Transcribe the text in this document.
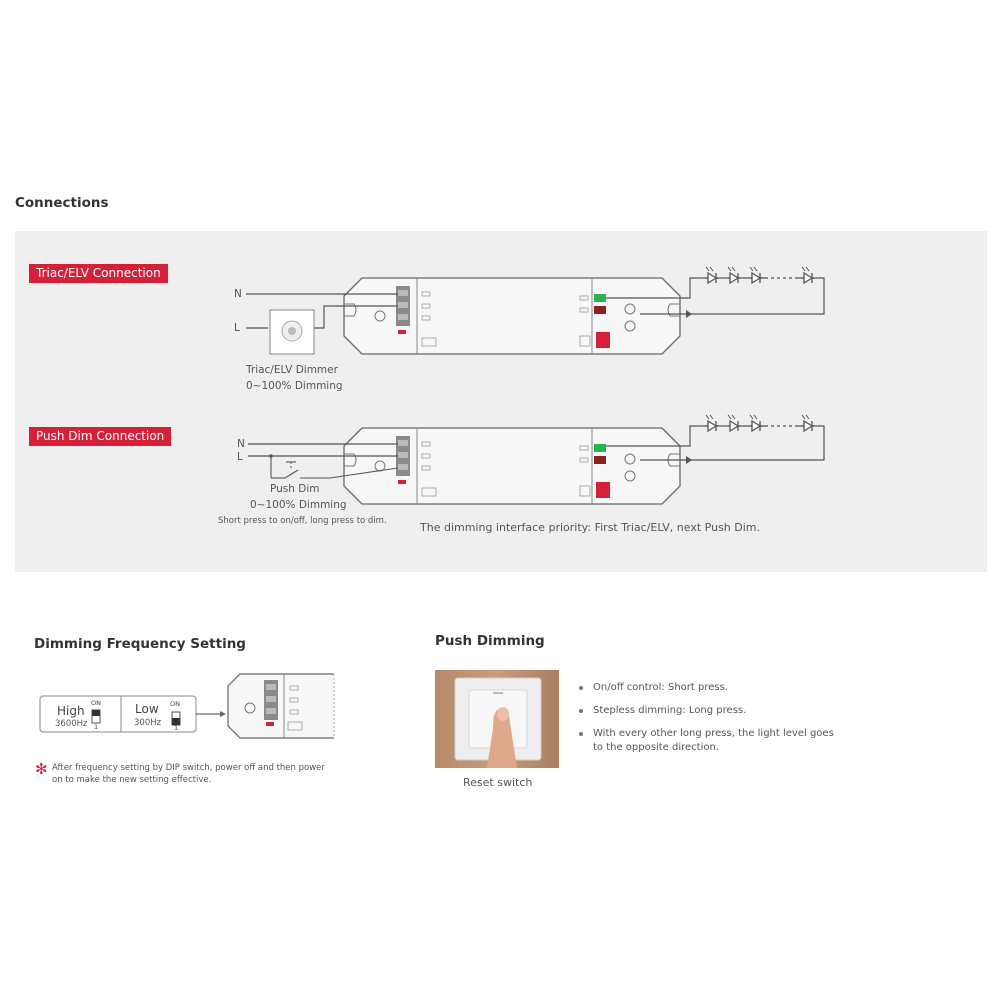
Connections
Triac/ELV Connection
Push Dim Connection
N
L
Triac/ELV Dimmer
0~100% Dimming
N
L
Push Dim
0~100% Dimming
Short press to on/off, long press to dim.	The dimming interface priority: First Triac/ELV, next Push Dim.
Dimming Frequency Setting
High
3600Hz
ON
1
Low
300Hz
ON
1
✻ After frequency setting by DIP switch, power off and then power
on to make the new setting effective.
Push Dimming
Reset switch
On/off control: Short press.
Stepless dimming: Long press.
With every other long press, the light level goes
to the opposite direction.
